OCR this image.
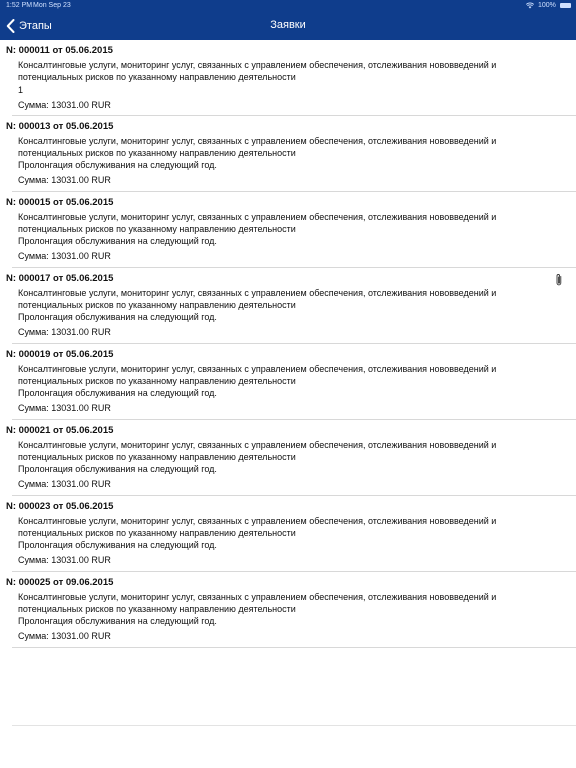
1:52 PM Mon Sep 23	100%
Этапы	Заявки
N: 000011 от 05.06.2015
Консалтинговые услуги, мониторинг услуг, связанных с управлением обеспечения, отслеживания нововведений и потенциальных рисков по указанному направлению деятельности
1
Сумма: 13031.00 RUR
N: 000013 от 05.06.2015
Консалтинговые услуги, мониторинг услуг, связанных с управлением обеспечения, отслеживания нововведений и потенциальных рисков по указанному направлению деятельности
Пролонгация обслуживания на следующий год.
Сумма: 13031.00 RUR
N: 000015 от 05.06.2015
Консалтинговые услуги, мониторинг услуг, связанных с управлением обеспечения, отслеживания нововведений и потенциальных рисков по указанному направлению деятельности
Пролонгация обслуживания на следующий год.
Сумма: 13031.00 RUR
N: 000017 от 05.06.2015
Консалтинговые услуги, мониторинг услуг, связанных с управлением обеспечения, отслеживания нововведений и потенциальных рисков по указанному направлению деятельности
Пролонгация обслуживания на следующий год.
Сумма: 13031.00 RUR
N: 000019 от 05.06.2015
Консалтинговые услуги, мониторинг услуг, связанных с управлением обеспечения, отслеживания нововведений и потенциальных рисков по указанному направлению деятельности
Пролонгация обслуживания на следующий год.
Сумма: 13031.00 RUR
N: 000021 от 05.06.2015
Консалтинговые услуги, мониторинг услуг, связанных с управлением обеспечения, отслеживания нововведений и потенциальных рисков по указанному направлению деятельности
Пролонгация обслуживания на следующий год.
Сумма: 13031.00 RUR
N: 000023 от 05.06.2015
Консалтинговые услуги, мониторинг услуг, связанных с управлением обеспечения, отслеживания нововведений и потенциальных рисков по указанному направлению деятельности
Пролонгация обслуживания на следующий год.
Сумма: 13031.00 RUR
N: 000025 от 09.06.2015
Консалтинговые услуги, мониторинг услуг, связанных с управлением обеспечения, отслеживания нововведений и потенциальных рисков по указанному направлению деятельности
Пролонгация обслуживания на следующий год.
Сумма: 13031.00 RUR
